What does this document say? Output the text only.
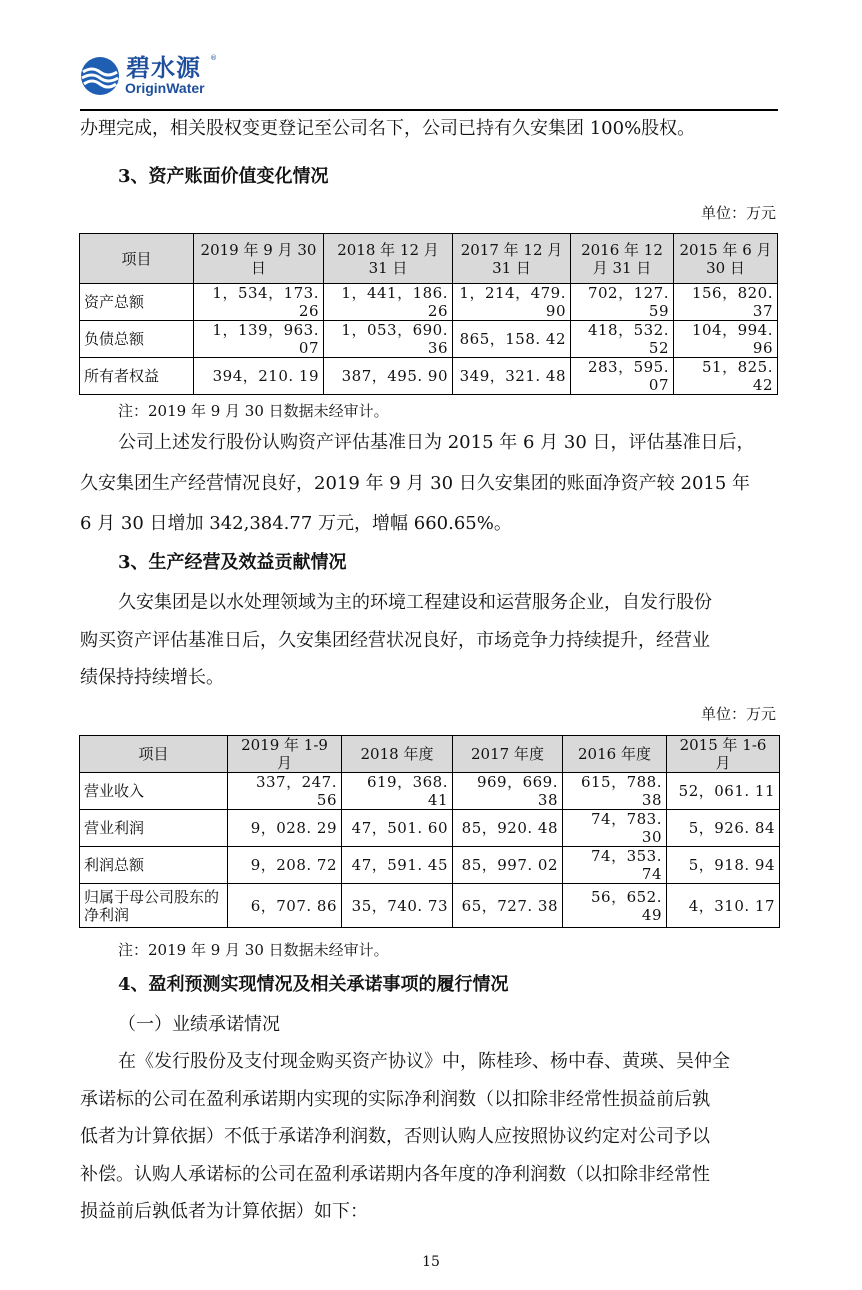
碧水源 ®
OriginWater

办理完成，相关股权变更登记至公司名下，公司已持有久安集团 100%股权。

3、资产账面价值变化情况

单位：万元
项目	2019 年 9 月 30 日	2018 年 12 月 31 日	2017 年 12 月 31 日	2016 年 12 月 31 日	2015 年 6 月 30 日
资产总额	1，534，173. 26	1，441，186. 26	1，214，479. 90	702，127. 59	156，820. 37
负债总额	1，139，963. 07	1，053，690. 36	865，158. 42	418，532. 52	104，994. 96
所有者权益	394，210. 19	387，495. 90	349，321. 48	283，595. 07	51，825. 42

注：2019 年 9 月 30 日数据未经审计。

公司上述发行股份认购资产评估基准日为 2015 年 6 月 30 日，评估基准日后，

久安集团生产经营情况良好，2019 年 9 月 30 日久安集团的账面净资产较 2015 年

6 月 30 日增加 342,384.77 万元，增幅 660.65%。

3、生产经营及效益贡献情况

久安集团是以水处理领域为主的环境工程建设和运营服务企业，自发行股份

购买资产评估基准日后，久安集团经营状况良好，市场竞争力持续提升，经营业

绩保持持续增长。

单位：万元
项目	2019 年 1-9 月	2018 年度	2017 年度	2016 年度	2015 年 1-6 月
营业收入	337，247. 56	619，368. 41	969，669. 38	615，788. 38	52，061. 11
营业利润	9，028. 29	47，501. 60	85，920. 48	74，783. 30	5，926. 84
利润总额	9，208. 72	47，591. 45	85，997. 02	74，353. 74	5，918. 94
归属于母公司股东的净利润	6，707. 86	35，740. 73	65，727. 38	56，652. 49	4，310. 17

注：2019 年 9 月 30 日数据未经审计。

4、盈利预测实现情况及相关承诺事项的履行情况

（一）业绩承诺情况

在《发行股份及支付现金购买资产协议》中，陈桂珍、杨中春、黄瑛、吴仲全

承诺标的公司在盈利承诺期内实现的实际净利润数（以扣除非经常性损益前后孰

低者为计算依据）不低于承诺净利润数，否则认购人应按照协议约定对公司予以

补偿。认购人承诺标的公司在盈利承诺期内各年度的净利润数（以扣除非经常性

损益前后孰低者为计算依据）如下：

15
